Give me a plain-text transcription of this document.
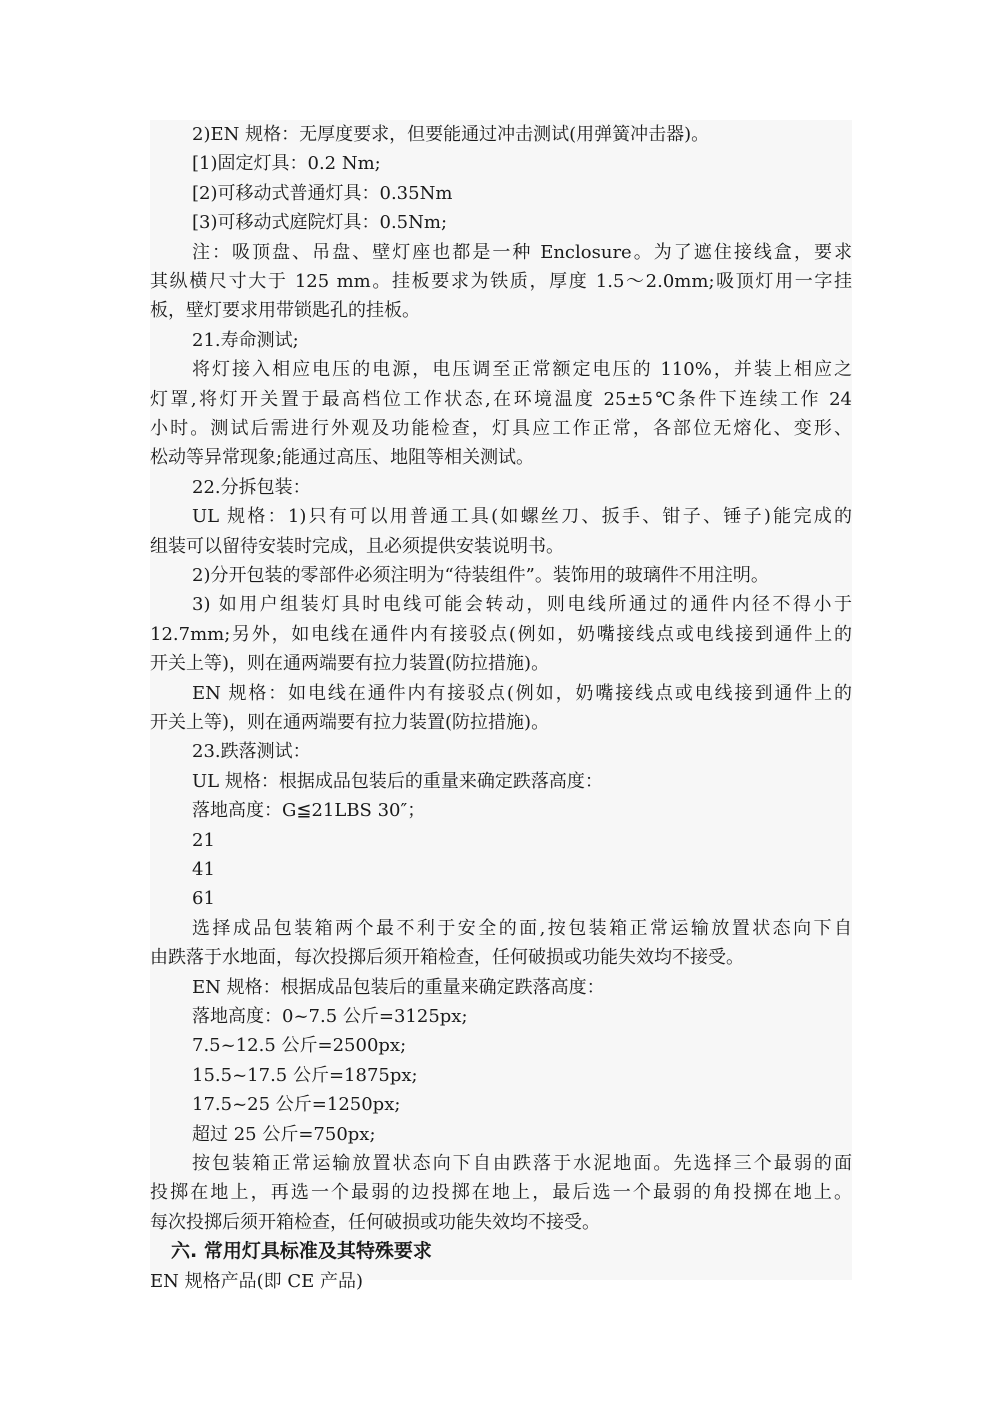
2)EN 规格：无厚度要求，但要能通过冲击测试(用弹簧冲击器)。
[1)固定灯具：0.2 Nm;
[2)可移动式普通灯具：0.35Nm
[3)可移动式庭院灯具：0.5Nm;
注：吸顶盘、吊盘、壁灯座也都是一种 Enclosure。为了遮住接线盒，要求
其纵横尺寸大于 125 mm。挂板要求为铁质，厚度 1.5～2.0mm;吸顶灯用一字挂
板，壁灯要求用带锁匙孔的挂板。
21.寿命测试;
将灯接入相应电压的电源，电压调至正常额定电压的 110%，并装上相应之
灯罩,将灯开关置于最高档位工作状态,在环境温度 25±5℃条件下连续工作 24
小时。测试后需进行外观及功能检查，灯具应工作正常，各部位无熔化、变形、
松动等异常现象;能通过高压、地阻等相关测试。
22.分拆包装：
UL 规格：1)只有可以用普通工具(如螺丝刀、扳手、钳子、锤子)能完成的
组装可以留待安装时完成，且必须提供安装说明书。
2)分开包装的零部件必须注明为“待装组件”。装饰用的玻璃件不用注明。
3) 如用户组装灯具时电线可能会转动，则电线所通过的通件内径不得小于
12.7mm;另外，如电线在通件内有接驳点(例如，奶嘴接线点或电线接到通件上的
开关上等)，则在通两端要有拉力装置(防拉措施)。
EN 规格：如电线在通件内有接驳点(例如，奶嘴接线点或电线接到通件上的
开关上等)，则在通两端要有拉力装置(防拉措施)。
23.跌落测试：
UL 规格：根据成品包装后的重量来确定跌落高度：
落地高度：G≦21LBS 30″；
21
41
61
选择成品包装箱两个最不利于安全的面,按包装箱正常运输放置状态向下自
由跌落于水地面，每次投掷后须开箱检查，任何破损或功能失效均不接受。
EN 规格：根据成品包装后的重量来确定跌落高度：
落地高度：0~7.5 公斤=3125px;
7.5~12.5 公斤=2500px;
15.5~17.5 公斤=1875px;
17.5~25 公斤=1250px;
超过 25 公斤=750px;
按包装箱正常运输放置状态向下自由跌落于水泥地面。先选择三个最弱的面
投掷在地上，再选一个最弱的边投掷在地上，最后选一个最弱的角投掷在地上。
每次投掷后须开箱检查，任何破损或功能失效均不接受。
六. 常用灯具标准及其特殊要求
EN 规格产品(即 CE 产品)
